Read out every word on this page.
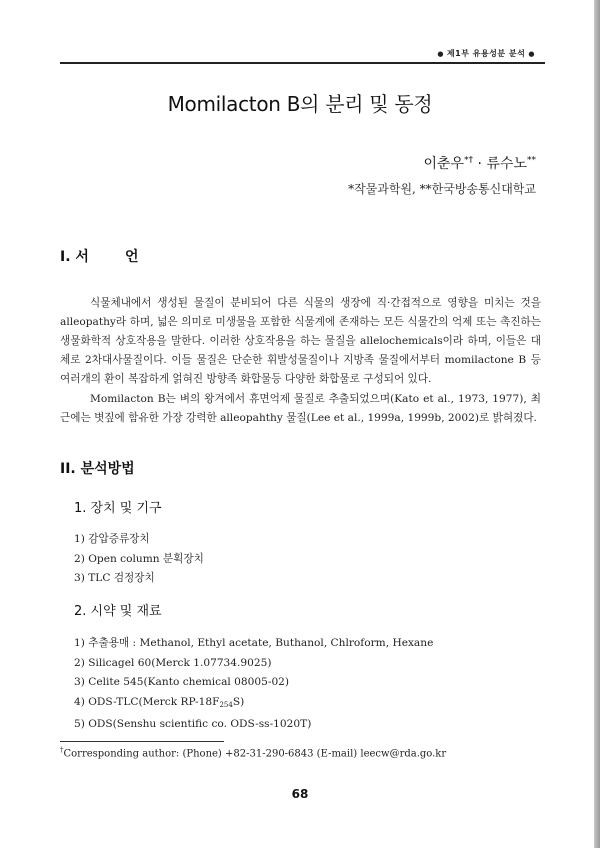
● 제1부 유용성분 분석 ●
Momilacton B의 분리 및 동정
이춘우*† · 류수노**
*작물과학원, **한국방송통신대학교
I. 서	언

식물체내에서 생성된 물질이 분비되어 다른 식물의 생장에 직·간접적으로 영향을 미치는 것을 alleopathy라 하며, 넓은 의미로 미생물을 포함한 식물계에 존재하는 모든 식물간의 억제 또는 촉진하는 생물화학적 상호작용을 말한다. 이러한 상호작용을 하는 물질을 allelochemicals이라 하며, 이들은 대체로 2차대사물질이다. 이들 물질은 단순한 휘발성물질이나 지방족 물질에서부터 momilactone B 등 여러개의 환이 복잡하게 얽혀진 방향족 화합물등 다양한 화합물로 구성되어 있다.

Momilacton B는 벼의 왕겨에서 휴면억제 물질로 추출되었으며(Kato et al., 1973, 1977), 최근에는 볏짚에 함유한 가장 강력한 alleopahthy 물질(Lee et al., 1999a, 1999b, 2002)로 밝혀졌다.

II. 분석방법
1. 장치 및 기구
1) 감압증류장치
2) Open column 분획장치
3) TLC 검정장치
2. 시약 및 재료
1) 추출용매 : Methanol, Ethyl acetate, Buthanol, Chlroform, Hexane
2) Silicagel 60(Merck 1.07734.9025)
3) Celite 545(Kanto chemical 08005-02)
4) ODS-TLC(Merck $RP-18F_{254}S$)
5) ODS(Senshu scientific co. ODS-ss-1020T)
†Corresponding author: (Phone) +82-31-290-6843 (E-mail) leecw@rda.go.kr
68
